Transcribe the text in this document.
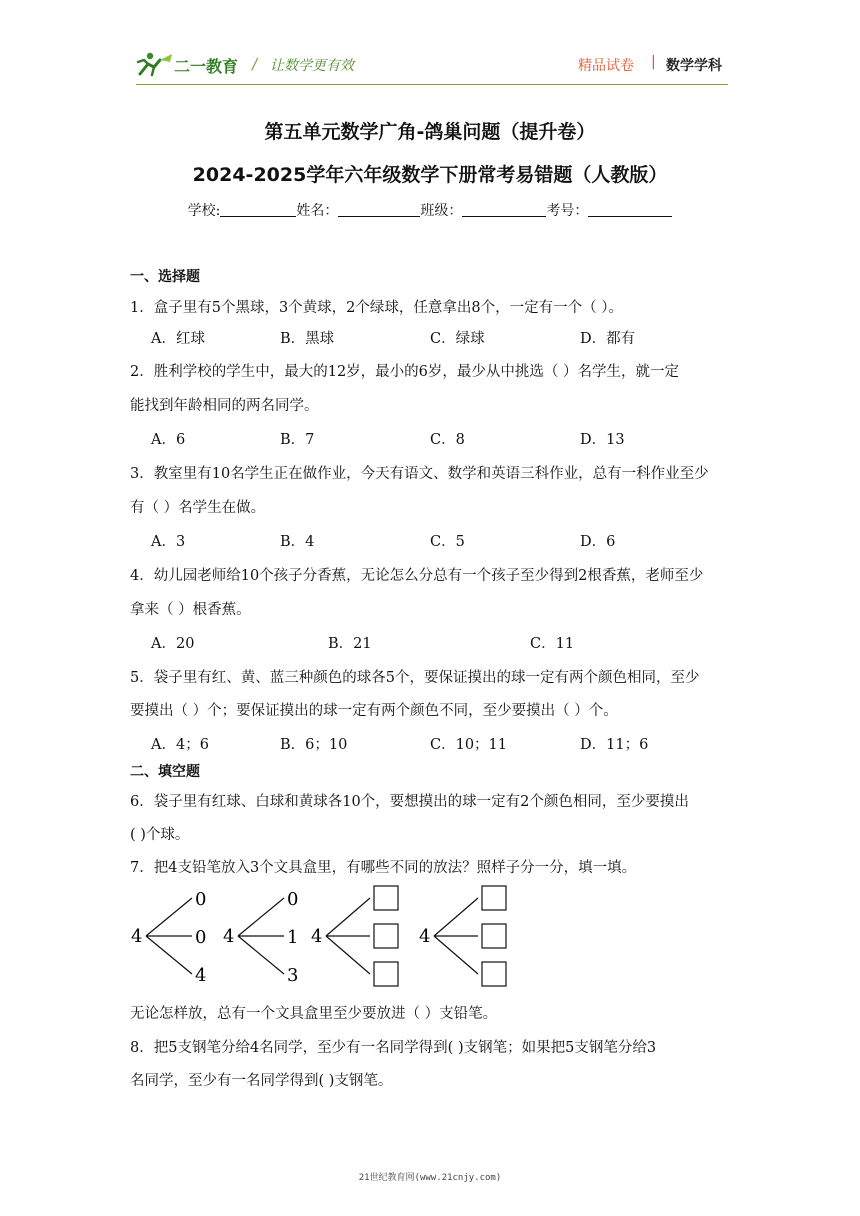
二一教育 / 让数学更有效	精品试卷 | 数学学科
第五单元数学广角-鸽巢问题（提升卷）
2024-2025学年六年级数学下册常考易错题（人教版）
学校:	姓名：	班级：	考号：
一、选择题
1．盒子里有5个黑球，3个黄球，2个绿球，任意拿出8个，一定有一个（ ）。
A．红球	B．黑球	C．绿球	D．都有
2．胜利学校的学生中，最大的12岁，最小的6岁，最少从中挑选（ ）名学生，就一定
能找到年龄相同的两名同学。
A．6	B．7	C．8	D．13
3．教室里有10名学生正在做作业，今天有语文、数学和英语三科作业，总有一科作业至少
有（ ）名学生在做。
A．3	B．4	C．5	D．6
4．幼儿园老师给10个孩子分香蕉，无论怎么分总有一个孩子至少得到2根香蕉，老师至少
拿来（ ）根香蕉。
A．20	B．21	C．11
5．袋子里有红、黄、蓝三种颜色的球各5个，要保证摸出的球一定有两个颜色相同，至少
要摸出（ ）个；要保证摸出的球一定有两个颜色不同，至少要摸出（ ）个。
A．4；6	B．6；10	C．10；11	D．11；6
二、填空题
6．袋子里有红球、白球和黄球各10个，要想摸出的球一定有2个颜色相同，至少要摸出
( )个球。
7．把4支铅笔放入3个文具盒里，有哪些不同的放法？照样子分一分，填一填。
4
0
0
4
4
0
1
3
4	4
无论怎样放，总有一个文具盒里至少要放进（ ）支铅笔。
8．把5支钢笔分给4名同学，至少有一名同学得到( )支钢笔；如果把5支钢笔分给3
名同学，至少有一名同学得到( )支钢笔。
21世纪教育网(www.21cnjy.com)
